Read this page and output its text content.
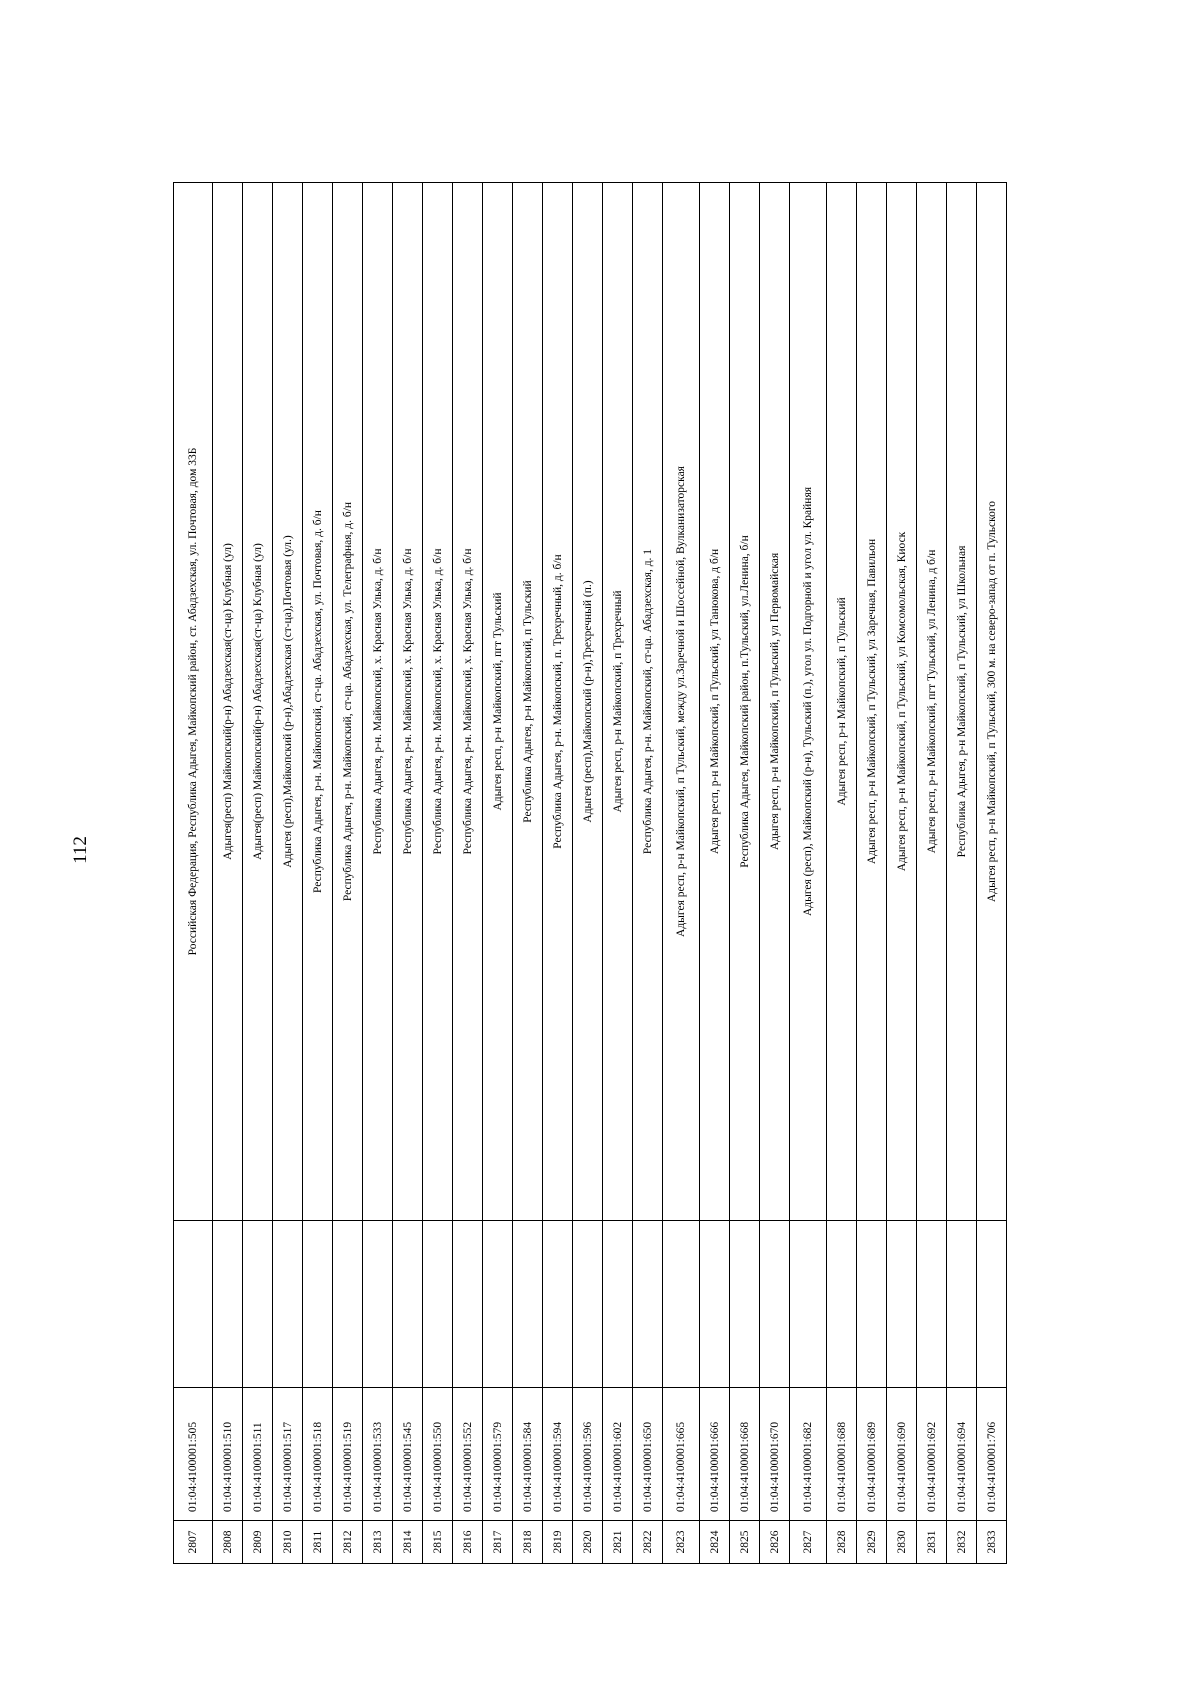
112
2807	01:04:4100001:505		Российская Федерация, Республика Адыгея, Майкопский район, ст. Абадзехская, ул. Почтовая, дом 33Б
2808	01:04:4100001:510		Адыгея(респ) Майкопский(р-н) Абадзехская(ст-ца) Клубная (ул)
2809	01:04:4100001:511		Адыгея(респ) Майкопский(р-н) Абадзехская(ст-ца) Клубная (ул)
2810	01:04:4100001:517		Адыгея (респ),Майкопский (р-н),Абадзехская (ст-ца),Почтовая (ул.)
2811	01:04:4100001:518		Республика Адыгея, р-н. Майкопский, ст-ца. Абадзехская, ул. Почтовая, д. б/н
2812	01:04:4100001:519		Республика Адыгея, р-н. Майкопский, ст-ца. Абадзехская, ул. Телеграфная, д. б/н
2813	01:04:4100001:533		Республика Адыгея, р-н. Майкопский, х. Красная Улька, д. б/н
2814	01:04:4100001:545		Республика Адыгея, р-н. Майкопский, х. Красная Улька, д. б/н
2815	01:04:4100001:550		Республика Адыгея, р-н. Майкопский, х. Красная Улька, д. б/н
2816	01:04:4100001:552		Республика Адыгея, р-н. Майкопский, х. Красная Улька, д. б/н
2817	01:04:4100001:579		Адыгея респ, р-н Майкопский, пгт Тульский
2818	01:04:4100001:584		Республика Адыгея, р-н Майкопский, п Тульский
2819	01:04:4100001:594		Республика Адыгея, р-н. Майкопский, п. Трехречный, д. б/н
2820	01:04:4100001:596		Адыгея (респ),Майкопский (р-н),Трехречный (п.)
2821	01:04:4100001:602		Адыгея респ, р-н Майкопский, п Трехречный
2822	01:04:4100001:650		Республика Адыгея, р-н. Майкопский, ст-ца. Абадзехская, д. 1
2823	01:04:4100001:665		Адыгея респ, р-н Майкопский, п Тульский, между ул.Заречной и Шоссейной, Вулканизаторская
2824	01:04:4100001:666		Адыгея респ, р-н Майкопский, п Тульский, ул Танюкова, д б/н
2825	01:04:4100001:668		Республика Адыгея, Майкопский район, п.Тульский, ул.Ленина, б/н
2826	01:04:4100001:670		Адыгея респ, р-н Майкопский, п Тульский, ул Первомайская
2827	01:04:4100001:682		Адыгея (респ), Майкопский (р-н), Тульский (п.), угол ул. Подгорной и угол ул. Крайняя
2828	01:04:4100001:688		Адыгея респ, р-н Майкопский, п Тульский
2829	01:04:4100001:689		Адыгея респ, р-н Майкопский, п Тульский, ул Заречная, Павильон
2830	01:04:4100001:690		Адыгея респ, р-н Майкопский, п Тульский, ул Комсомольская, Киоск
2831	01:04:4100001:692		Адыгея респ, р-н Майкопский, пгт Тульский, ул Ленина, д б/н
2832	01:04:4100001:694		Республика Адыгея, р-н Майкопский, п Тульский, ул Школьная
2833	01:04:4100001:706		Адыгея респ, р-н Майкопский, п Тульский, 300 м. на северо-запад от п. Тульского
